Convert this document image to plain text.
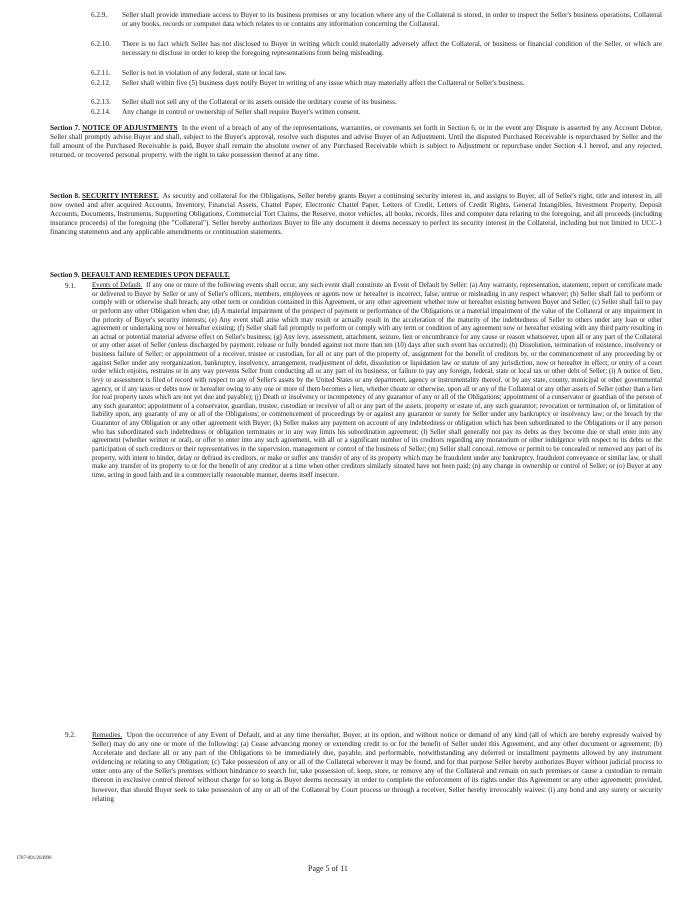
6.2.9. Seller shall provide immediate access to Buyer to its business premises or any location where any of the Collateral is stored, in order to inspect the Seller's business operations, Collateral or any books, records or computer data which relates to or contains any information concerning the Collateral.
6.2.10. There is no fact which Seller has not disclosed to Buyer in writing which could materially adversely affect the Collateral, or business or financial condition of the Seller, or which are necessary to disclose in order to keep the foregoing representations from being misleading.
6.2.11. Seller is not in violation of any federal, state or local law.
6.2.12. Seller shall within five (5) business days notify Buyer in writing of any issue which may materially affect the Collateral or Seller's business.
6.2.13. Seller shall not sell any of the Collateral or its assets outside the ordinary course of its business.
6.2.14. Any change in control or ownership of Seller shall require Buyer's written consent.
Section 7. NOTICE OF ADJUSTMENTS In the event of a breach of any of the representations, warranties, or covenants set forth in Section 6, or in the event any Dispute is asserted by any Account Debtor, Seller shall promptly advise Buyer and shall, subject to the Buyer's approval, resolve such disputes and advise Buyer of an Adjustment. Until the disputed Purchased Receivable is repurchased by Seller and the full amount of the Purchased Receivable is paid, Buyer shall remain the absolute owner of any Purchased Receivable which is subject to Adjustment or repurchase under Section 4.1 hereof, and any rejected, returned, or recovered personal property, with the right to take possession thereof at any time.
Section 8. SECURITY INTEREST. As security and collateral for the Obligations, Seller hereby grants Buyer a continuing security interest in, and assigns to Buyer, all of Seller's right, title and interest in, all now owned and after acquired Accounts, Inventory, Financial Assets, Chattel Paper, Electronic Chattel Paper, Letters of Credit, Letters of Credit Rights, General Intangibles, Investment Property, Deposit Accounts, Documents, Instruments, Supporting Obligations, Commercial Tort Claims, the Reserve, motor vehicles, all books, records, files and computer data relating to the foregoing, and all proceeds (including insurance proceeds) of the foregoing (the "Collateral"). Seller hereby authorizes Buyer to file any document it deems necessary to perfect its security interest in the Collateral, including but not limited to UCC-1 financing statements and any applicable amendments or continuation statements.
Section 9. DEFAULT AND REMEDIES UPON DEFAULT.
9.1. Events of Default. If any one or more of the following events shall occur, any such event shall constitute an Event of Default by Seller: (a) Any warranty, representation, statement, report or certificate made or delivered to Buyer by Seller or any of Seller's officers, members, employees or agents now or hereafter is incorrect, false, untrue or misleading in any respect whatever; (b) Seller shall fail to perform or comply with or otherwise shall breach, any other term or condition contained in this Agreement, or any other agreement whether now or hereafter existing between Buyer and Seller; (c) Seller shall fail to pay or perform any other Obligation when due; (d) A material impairment of the prospect of payment or performance of the Obligations or a material impairment of the value of the Collateral or any impairment in the priority of Buyer's security interests; (e) Any event shall arise which may result or actually result in the acceleration of the maturity of the indebtedness of Seller to others under any loan or other agreement or undertaking now or hereafter existing; (f) Seller shall fail promptly to perform or comply with any term or condition of any agreement now or hereafter existing with any third party resulting in an actual or potential material adverse effect on Seller's business; (g) Any levy, assessment, attachment, seizure, lien or encumbrance for any cause or reason whatsoever, upon all or any part of the Collateral or any other asset of Seller (unless discharged by payment, release or fully bonded against not more than ten (10) days after such event has occurred); (h) Dissolution, termination of existence, insolvency or business failure of Seller; or appointment of a receiver, trustee or custodian, for all or any part of the property of, assignment for the benefit of creditors by, or the commencement of any proceeding by or against Seller under any reorganization, bankruptcy, insolvency, arrangement, readjustment of debt, dissolution or liquidation law or statute of any jurisdiction, now or hereafter in effect; or entry of a court order which enjoins, restrains or in any way prevents Seller from conducting all or any part of its business; or failure to pay any foreign, federal, state or local tax or other debt of Seller; (i) A notice of lien, levy or assessment is filed of record with respect to any of Seller's assets by the United States or any department, agency or instrumentality thereof, or by any state, county, municipal or other governmental agency, or if any taxes or debts now or hereafter owing to any one or more of them becomes a lien, whether choate or otherwise, upon all or any of the Collateral or any other assets of Seller (other than a lien for real property taxes which are not yet due and payable); (j) Death or insolvency or incompetency of any guarantor of any or all of the Obligations; appointment of a conservator or guardian of the person of any such guarantor; appointment of a conservator, guardian, trustee, custodian or receiver of all or any part of the assets, property or estate of, any such guarantor; revocation or termination of, or limitation of liability upon, any guaranty of any or all of the Obligations; or commencement of proceedings by or against any guarantor or surety for Seller under any bankruptcy or insolvency law; or the breach by the Guarantor of any Obligation or any other agreement with Buyer; (k) Seller makes any payment on account of any indebtedness or obligation which has been subordinated to the Obligations or if any person who has subordinated such indebtedness or obligation terminates or in any way limits his subordination agreement; (l) Seller shall generally not pay its debts as they become due or shall enter into any agreement (whether written or oral), or offer to enter into any such agreement, with all or a significant number of its creditors regarding any moratorium or other indulgence with respect to its debts or the participation of such creditors or their representatives in the supervision, management or control of the business of Seller; (m) Seller shall conceal, remove or permit to be concealed or removed any part of its property, with intent to hinder, delay or defraud its creditors, or make or suffer any transfer of any of its property which may be fraudulent under any bankruptcy, fraudulent conveyance or similar law, or shall make any transfer of its property to or for the benefit of any creditor at a time when other creditors similarly situated have not been paid; (n) any change in ownership or control of Seller; or (o) Buyer at any time, acting in good faith and in a commercially reasonable manner, deems itself insecure.
9.2. Remedies. Upon the occurrence of any Event of Default, and at any time thereafter, Buyer, at its option, and without notice or demand of any kind (all of which are hereby expressly waived by Seller) may do any one or more of the following: (a) Cease advancing money or extending credit to or for the benefit of Seller under this Agreement, and any other document or agreement; (b) Accelerate and declare all or any part of the Obligations to be immediately due, payable, and performable, notwithstanding any deferred or installment payments allowed by any instrument evidencing or relating to any Obligation; (c) Take possession of any or all of the Collateral wherever it may be found, and for that purpose Seller hereby authorizes Buyer without judicial process to enter onto any of the Seller's premises without hindrance to search for, take possession of, keep, store, or remove any of the Collateral and remain on such premises or cause a custodian to remain thereon in exclusive control thereof without charge for so long as Buyer deems necessary in order to complete the enforcement of its rights under this Agreement or any other agreement; provided, however, that should Buyer seek to take possession of any or all of the Collateral by Court process or through a receiver, Seller hereby irrevocably waives: (i) any bond and any surety or security relating
1787-001/264990
Page 5 of 11
